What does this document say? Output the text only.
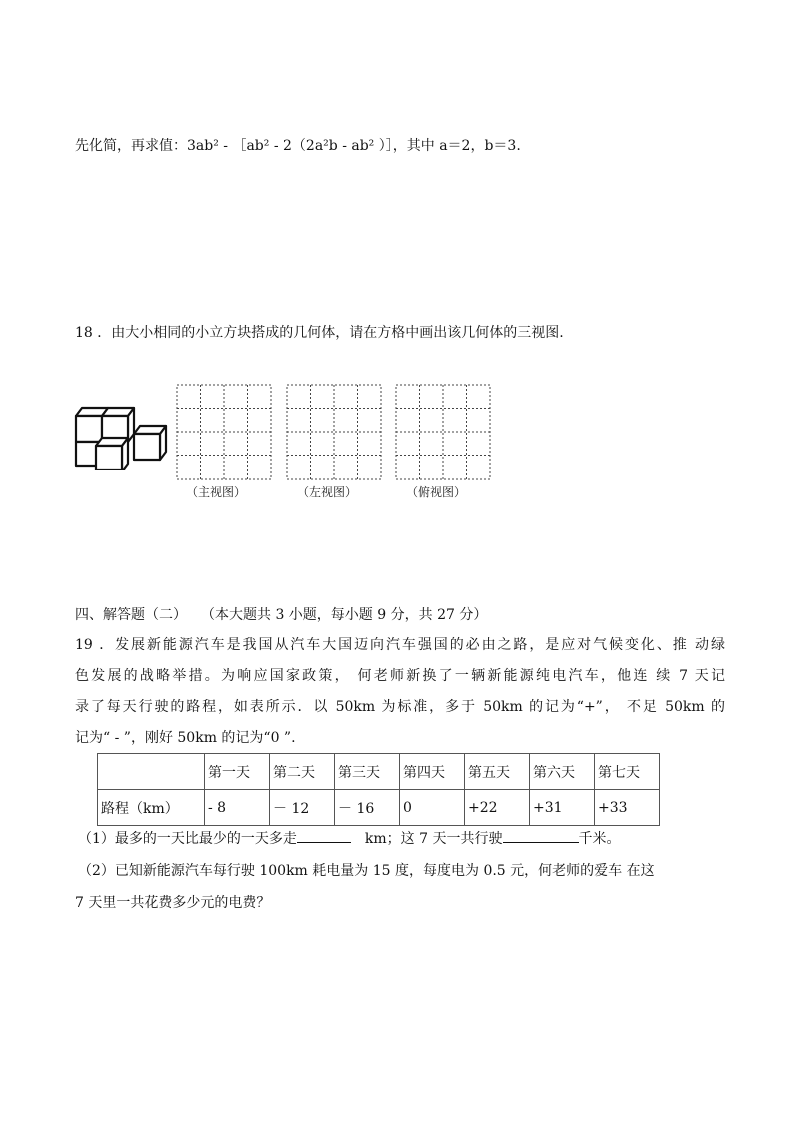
先化简，再求值：3ab² - ［ab² - 2（2a²b - ab² ）］，其中 a＝2，b＝3.
18 ．由大小相同的小立方块搭成的几何体，请在方格中画出该几何体的三视图.
（主视图）	（左视图）	（俯视图）
四、解答题（二） （本大题共 3 小题，每小题 9 分，共 27 分）
19 ．发展新能源汽车是我国从汽车大国迈向汽车强国的必由之路，是应对气候变化、推 动绿
色发展的战略举措。为响应国家政策， 何老师新换了一辆新能源纯电汽车，他连 续 7 天记
录了每天行驶的路程，如表所示．以 50km 为标准，多于 50km 的记为“+”， 不足 50km 的
记为“ - ”，刚好 50km 的记为“0 ”.
	第一天	第二天	第三天	第四天	第五天	第六天	第七天
路程（km）	- 8	－ 12	－ 16	0	+22	+31	+33
（1）最多的一天比最少的一天多走	km；这 7 天一共行驶	千米。
（2）已知新能源汽车每行驶 100km 耗电量为 15 度，每度电为 0.5 元，何老师的爱车 在这
7 天里一共花费多少元的电费？
